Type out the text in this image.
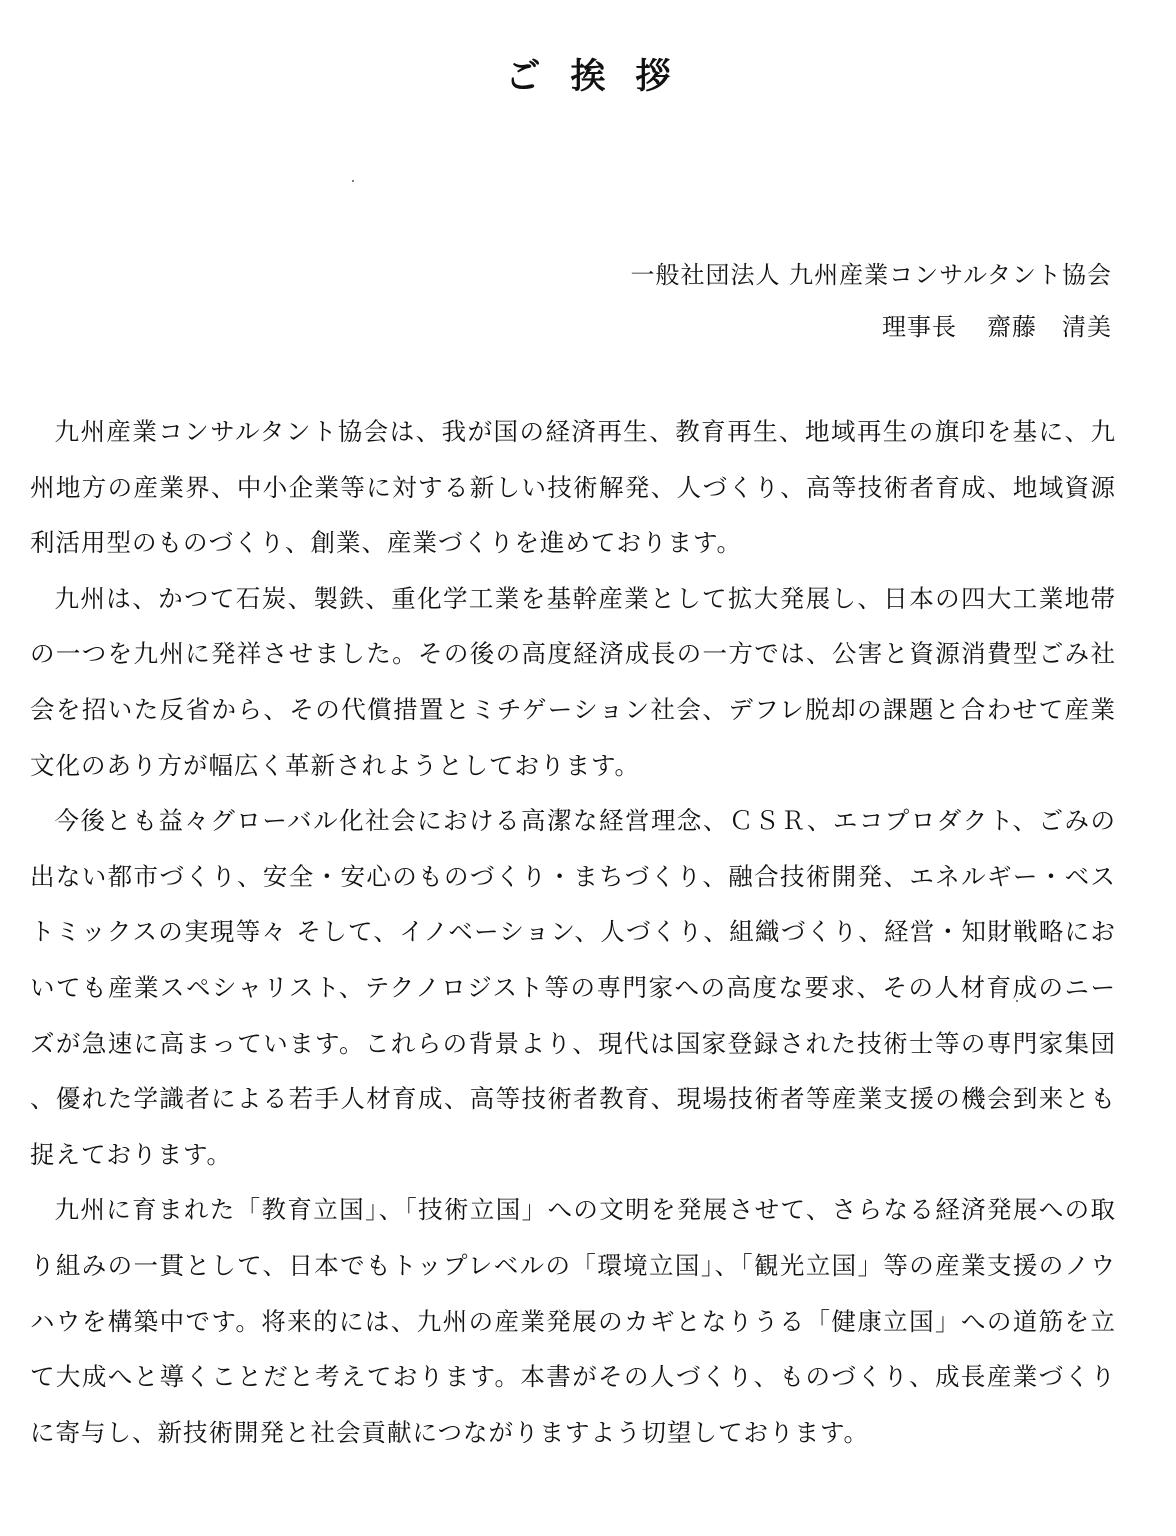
ご挨拶
一般社団法人 九州産業コンサルタント協会
理事長 齋藤　清美

九州産業コンサルタント協会は、我が国の経済再生、教育再生、地域再生の旗印を基に、九州地方の産業界、中小企業等に対する新しい技術解発、人づくり、高等技術者育成、地域資源利活用型のものづくり、創業、産業づくりを進めております。

九州は、かつて石炭、製鉄、重化学工業を基幹産業として拡大発展し、日本の四大工業地帯の一つを九州に発祥させました。その後の高度経済成長の一方では、公害と資源消費型ごみ社会を招いた反省から、その代償措置とミチゲーション社会、デフレ脱却の課題と合わせて産業文化のあり方が幅広く革新されようとしております。

今後とも益々グローバル化社会における高潔な経営理念、ＣＳＲ、エコプロダクト、ごみの出ない都市づくり、安全・安心のものづくり・まちづくり、融合技術開発、エネルギー・ベストミックスの実現等々 そして、イノベーション、人づくり、組織づくり、経営・知財戦略においても産業スペシャリスト、テクノロジスト等の専門家への高度な要求、その人材育成のニーズが急速に高まっています。これらの背景より、現代は国家登録された技術士等の専門家集団、優れた学識者による若手人材育成、高等技術者教育、現場技術者等産業支援の機会到来とも捉えております。

九州に育まれた「教育立国」、「技術立国」への文明を発展させて、さらなる経済発展への取り組みの一貫として、日本でもトップレベルの「環境立国」、「観光立国」等の産業支援のノウハウを構築中です。将来的には、九州の産業発展のカギとなりうる「健康立国」への道筋を立て大成へと導くことだと考えております。本書がその人づくり、ものづくり、成長産業づくりに寄与し、新技術開発と社会貢献につながりますよう切望しております。
